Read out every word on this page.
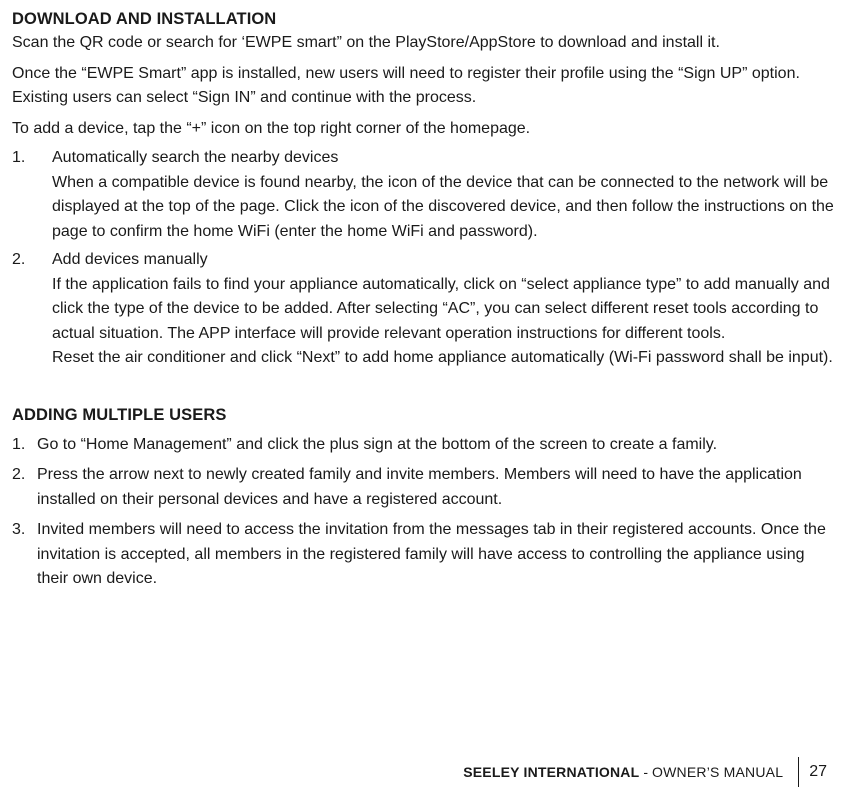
DOWNLOAD AND INSTALLATION

Scan the QR code or search for ‘EWPE smart” on the PlayStore/AppStore to download and install it.

Once the “EWPE Smart” app is installed, new users will need to register their profile using the “Sign UP” option. Existing users can select “Sign IN” and continue with the process.

To add a device, tap the “+” icon on the top right corner of the homepage.

1. Automatically search the nearby devices
When a compatible device is found nearby, the icon of the device that can be connected to the network will be displayed at the top of the page. Click the icon of the discovered device, and then follow the instructions on the page to confirm the home WiFi (enter the home WiFi and password).
2. Add devices manually
If the application fails to find your appliance automatically, click on “select appliance type” to add manually and click the type of the device to be added. After selecting “AC”, you can select different reset tools according to actual situation. The APP interface will provide relevant operation instructions for different tools.
Reset the air conditioner and click “Next” to add home appliance automatically (Wi-Fi password shall be input).
ADDING MULTIPLE USERS
1. Go to “Home Management” and click the plus sign at the bottom of the screen to create a family.
2. Press the arrow next to newly created family and invite members. Members will need to have the application installed on their personal devices and have a registered account.
3. Invited members will need to access the invitation from the messages tab in their registered accounts. Once the invitation is accepted, all members in the registered family will have access to controlling the appliance using their own device.
SEELEY INTERNATIONAL - OWNER’S MANUAL 27
